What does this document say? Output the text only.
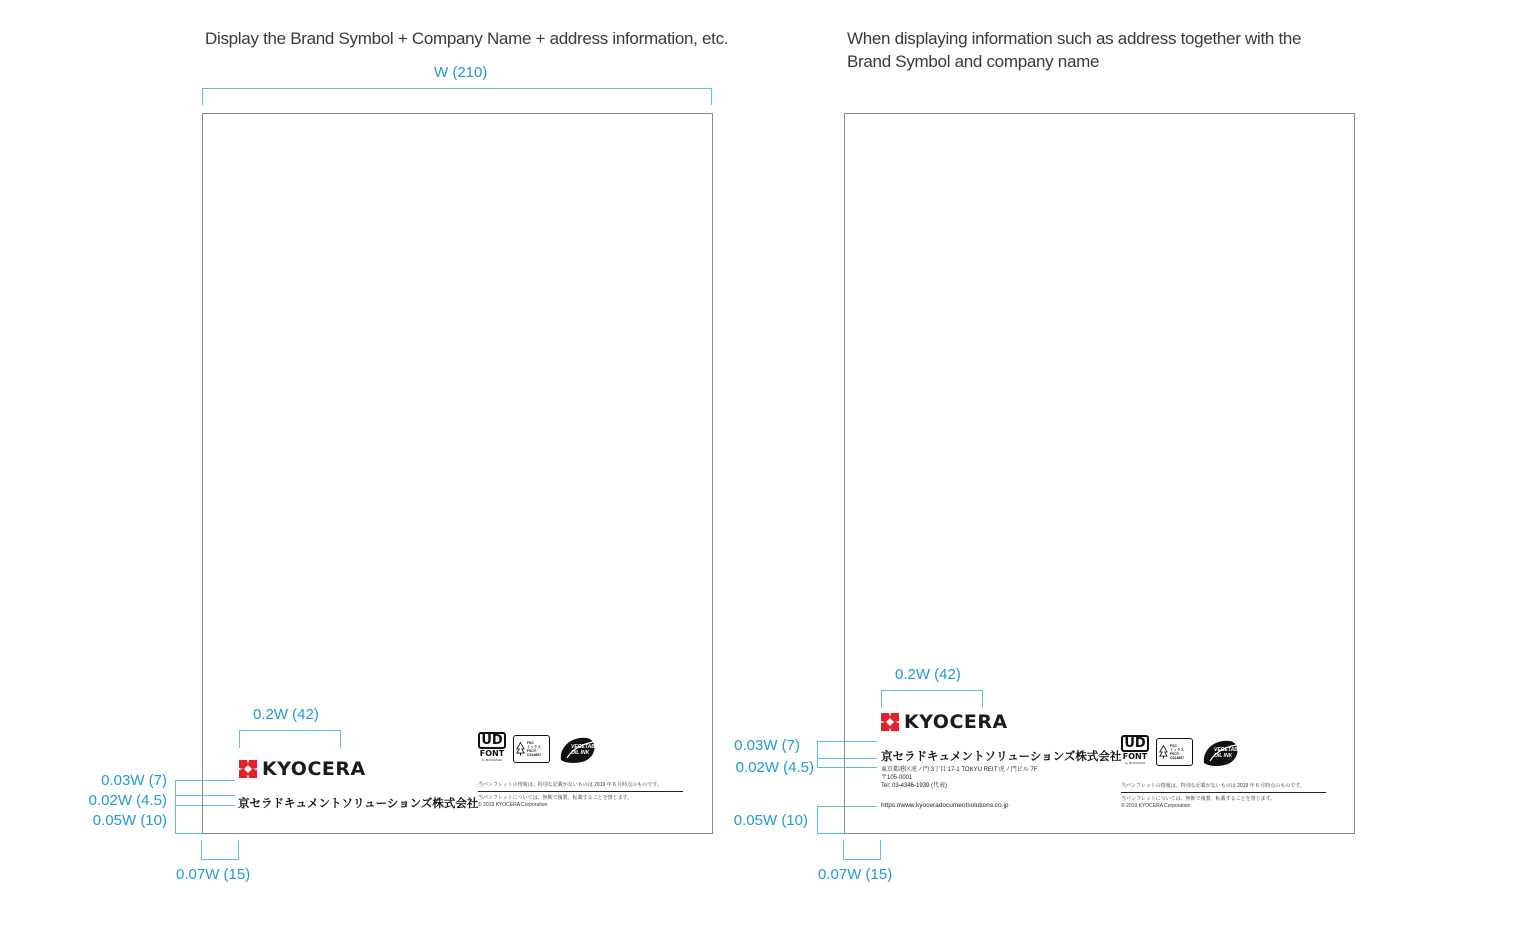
Display the Brand Symbol + Company Name + address information, etc.
W (210)
0.2W (42)
KYOCERA
京セラドキュメントソリューションズ株式会社
0.03W (7)
0.02W (4.5)
0.05W (10)
0.07W (15)
UD
FONT
by MORISAWA
FSC
ミックス
FSC® C014687
VEGETABLE OIL INK
当パンフレットの情報は、特別な記載がないものは 2019 年 6 月時点のものです。
当パンフレットについては、無断で複製、転載することを禁じます。
© 2019 KYOCERA Corporation
When displaying information such as address together with the
Brand Symbol and company name
0.2W (42)
KYOCERA
京セラドキュメントソリューションズ株式会社
東京都港区虎ノ門 3丁目 17-1 TOKYU REIT 虎ノ門ビル 7F
〒105-0001
Tel: 03-4346-1939 (代表)
https://www.kyoceradocumentsolutions.co.jp
0.03W (7)
0.02W (4.5)
0.05W (10)
0.07W (15)
UD
FONT
by MORISAWA
FSC
ミックス
FSC® C014687
VEGETABLE OIL INK
当パンフレットの情報は、特別な記載がないものは 2019 年 6 月時点のものです。
当パンフレットについては、無断で複製、転載することを禁じます。
© 2019 KYOCERA Corporation
